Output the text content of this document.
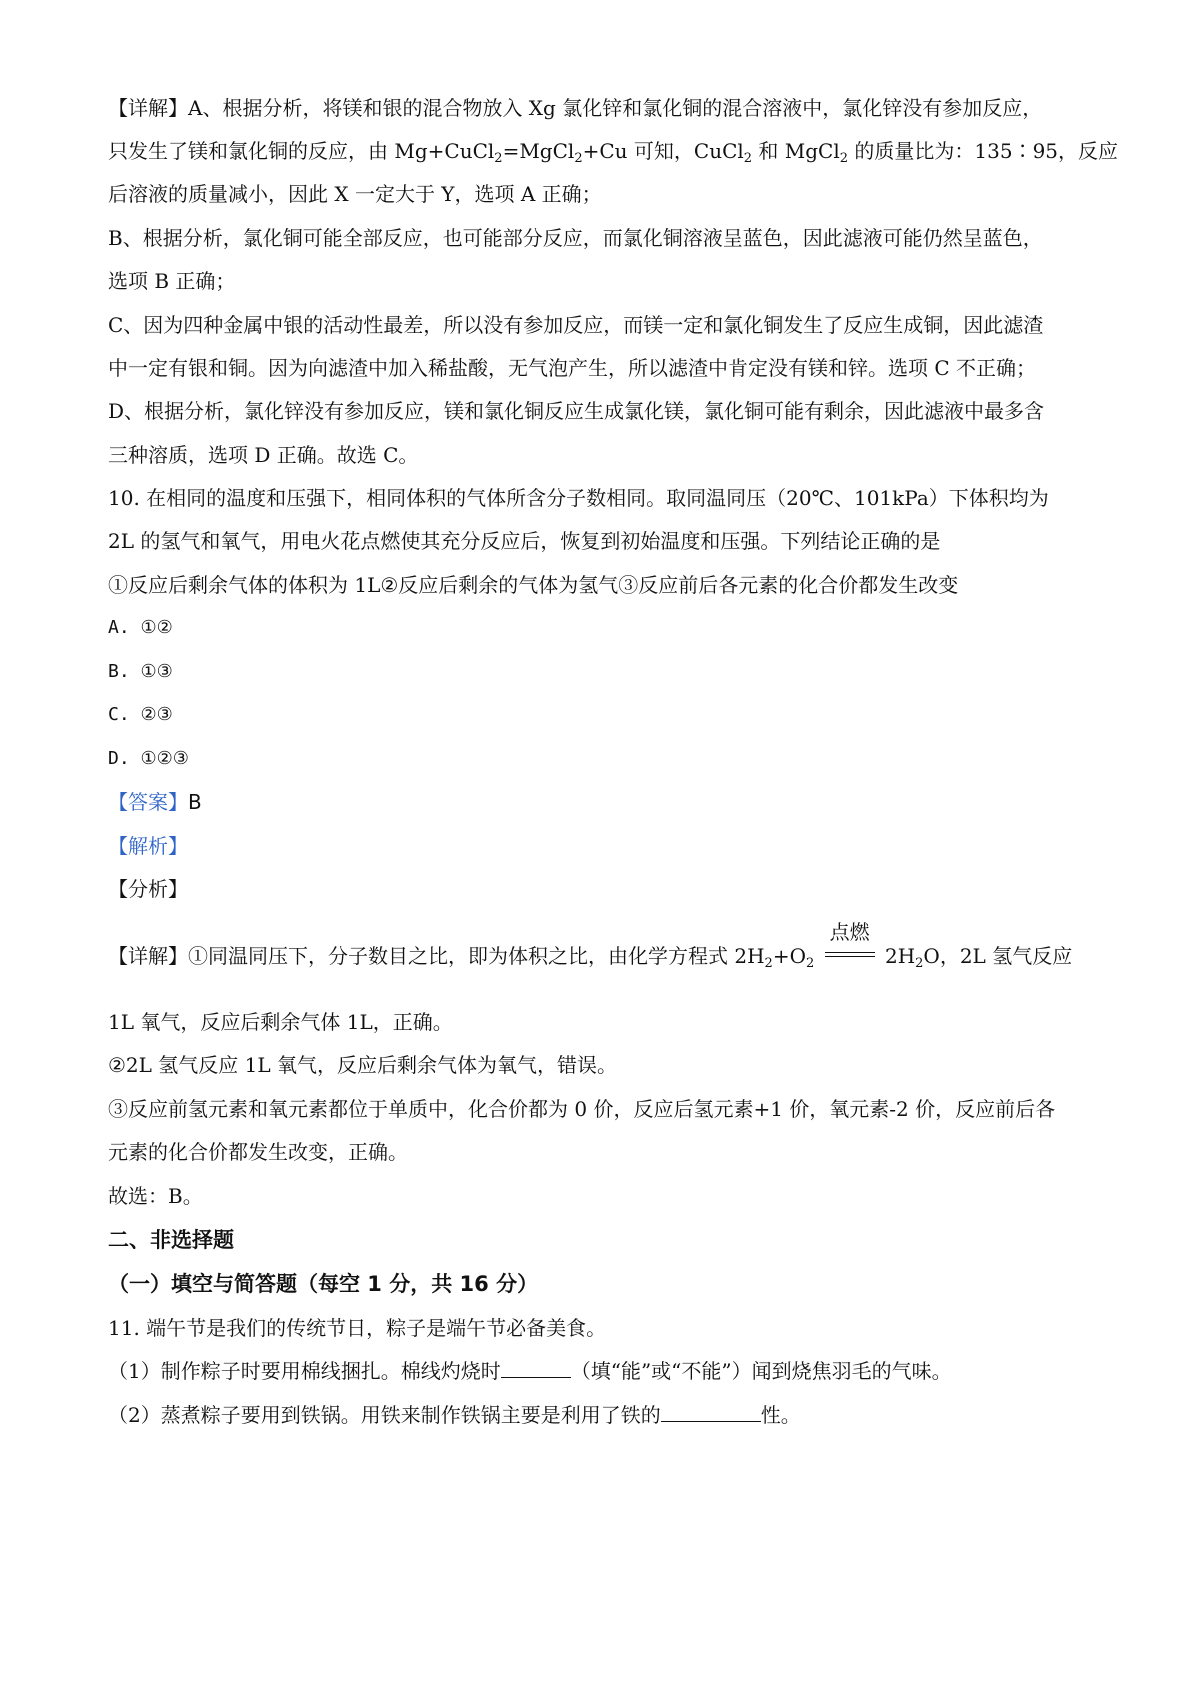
【详解】A、根据分析，将镁和银的混合物放入 Xg 氯化锌和氯化铜的混合溶液中，氯化锌没有参加反应，
只发生了镁和氯化铜的反应，由 Mg+CuCl$_2$=MgCl$_2$+Cu 可知，CuCl$_2$ 和 MgCl$_2$ 的质量比为：135∶95，反应
后溶液的质量减小，因此 X 一定大于 Y，选项 A 正确；
B、根据分析，氯化铜可能全部反应，也可能部分反应，而氯化铜溶液呈蓝色，因此滤液可能仍然呈蓝色，
选项 B 正确；
C、因为四种金属中银的活动性最差，所以没有参加反应，而镁一定和氯化铜发生了反应生成铜，因此滤渣
中一定有银和铜。因为向滤渣中加入稀盐酸，无气泡产生，所以滤渣中肯定没有镁和锌。选项 C 不正确；
D、根据分析，氯化锌没有参加反应，镁和氯化铜反应生成氯化镁，氯化铜可能有剩余，因此滤液中最多含
三种溶质，选项 D 正确。故选 C。
10. 在相同的温度和压强下，相同体积的气体所含分子数相同。取同温同压（20℃、101kPa）下体积均为
2L 的氢气和氧气，用电火花点燃使其充分反应后，恢复到初始温度和压强。下列结论正确的是
①反应后剩余气体的体积为 1L②反应后剩余的气体为氢气③反应前后各元素的化合价都发生改变
A. ①②
B. ①③
C. ②③
D. ①②③
【答案】B
【解析】
【分析】
【详解】①同温同压下，分子数目之比，即为体积之比，由化学方程式 $2H_2+O_2$
点燃
$2H_2O$，2L 氢气反应
1L 氧气，反应后剩余气体 1L，正确。
②2L 氢气反应 1L 氧气，反应后剩余气体为氧气，错误。
③反应前氢元素和氧元素都位于单质中，化合价都为 0 价，反应后氢元素+1 价，氧元素-2 价，反应前后各
元素的化合价都发生改变，正确。
故选：B。
二、非选择题
（一）填空与简答题（每空 1 分，共 16 分）
11. 端午节是我们的传统节日，粽子是端午节必备美食。
（1）制作粽子时要用棉线捆扎。棉线灼烧时	（填“能”或“不能”）闻到烧焦羽毛的气味。
（2）蒸煮粽子要用到铁锅。用铁来制作铁锅主要是利用了铁的	性。
